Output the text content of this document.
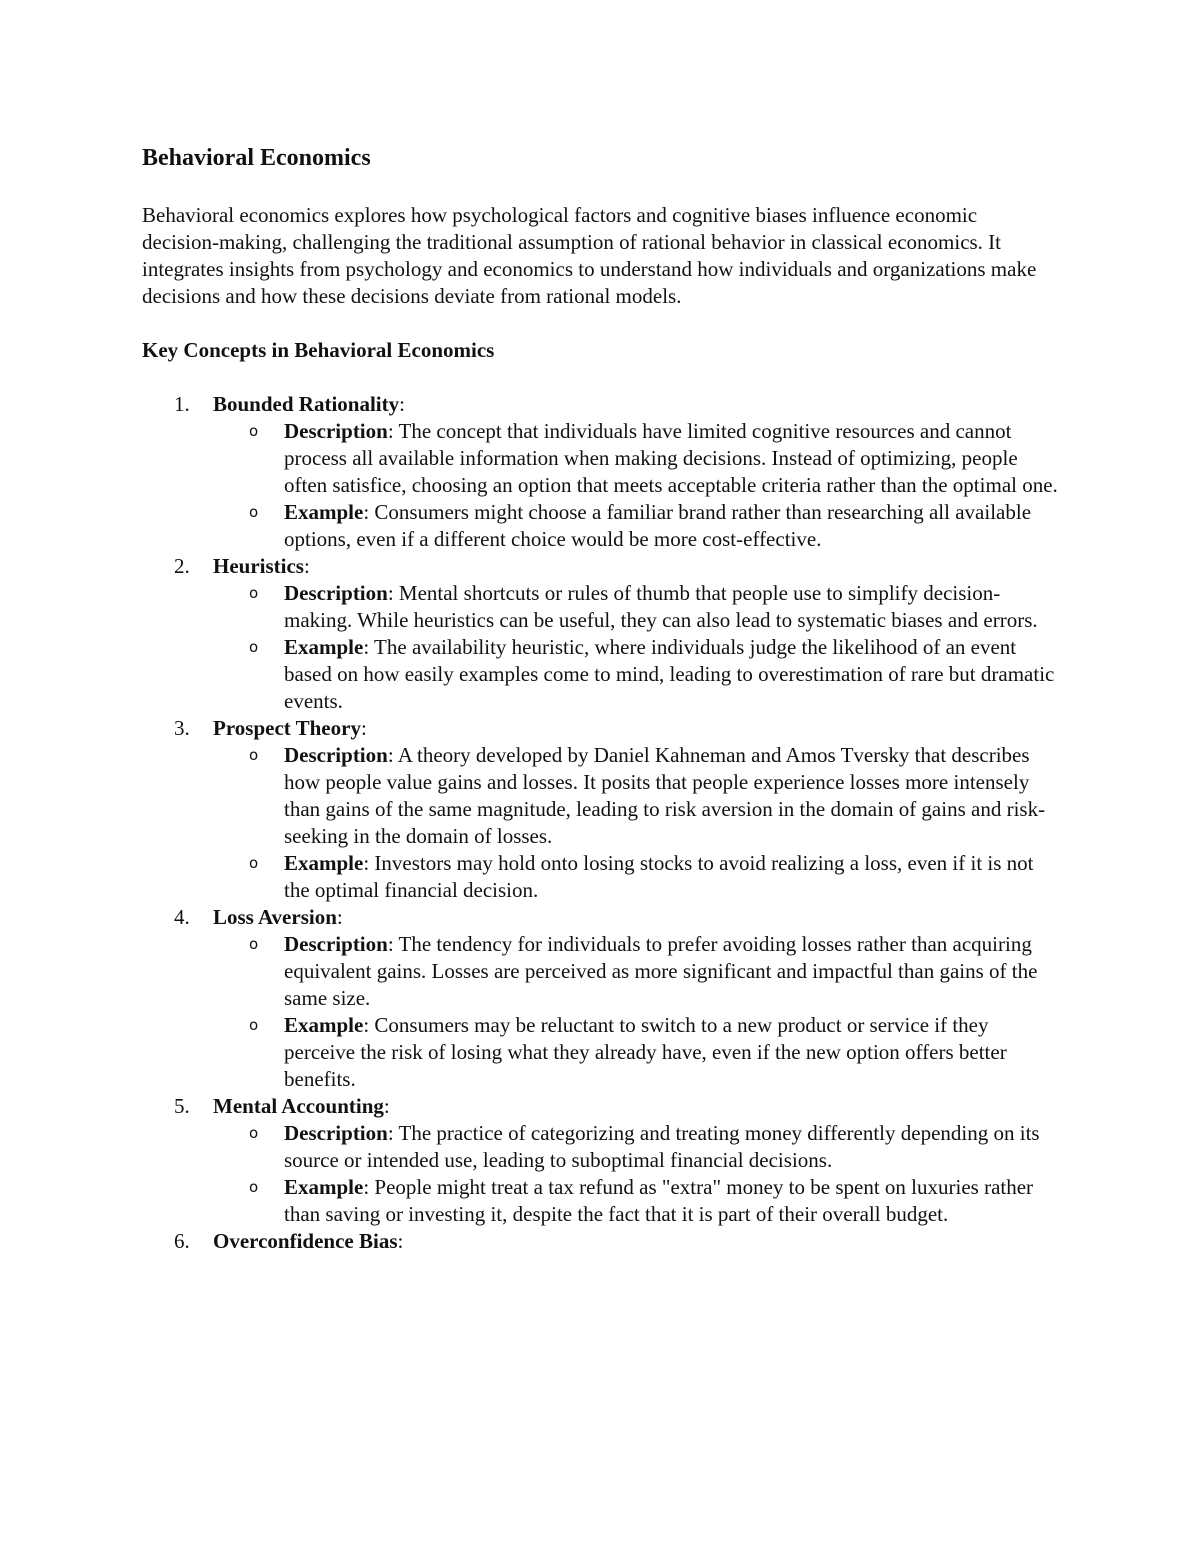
Behavioral Economics

Behavioral economics explores how psychological factors and cognitive biases influence economic decision-making, challenging the traditional assumption of rational behavior in classical economics. It integrates insights from psychology and economics to understand how individuals and organizations make decisions and how these decisions deviate from rational models.

Key Concepts in Behavioral Economics
1. Bounded Rationality:
o Description: The concept that individuals have limited cognitive resources and cannot process all available information when making decisions. Instead of optimizing, people often satisfice, choosing an option that meets acceptable criteria rather than the optimal one.
o Example: Consumers might choose a familiar brand rather than researching all available options, even if a different choice would be more cost-effective.
2. Heuristics:
o Description: Mental shortcuts or rules of thumb that people use to simplify decision-making. While heuristics can be useful, they can also lead to systematic biases and errors.
o Example: The availability heuristic, where individuals judge the likelihood of an event based on how easily examples come to mind, leading to overestimation of rare but dramatic events.
3. Prospect Theory:
o Description: A theory developed by Daniel Kahneman and Amos Tversky that describes how people value gains and losses. It posits that people experience losses more intensely than gains of the same magnitude, leading to risk aversion in the domain of gains and risk-seeking in the domain of losses.
o Example: Investors may hold onto losing stocks to avoid realizing a loss, even if it is not the optimal financial decision.
4. Loss Aversion:
o Description: The tendency for individuals to prefer avoiding losses rather than acquiring equivalent gains. Losses are perceived as more significant and impactful than gains of the same size.
o Example: Consumers may be reluctant to switch to a new product or service if they perceive the risk of losing what they already have, even if the new option offers better benefits.
5. Mental Accounting:
o Description: The practice of categorizing and treating money differently depending on its source or intended use, leading to suboptimal financial decisions.
o Example: People might treat a tax refund as "extra" money to be spent on luxuries rather than saving or investing it, despite the fact that it is part of their overall budget.
6. Overconfidence Bias:
